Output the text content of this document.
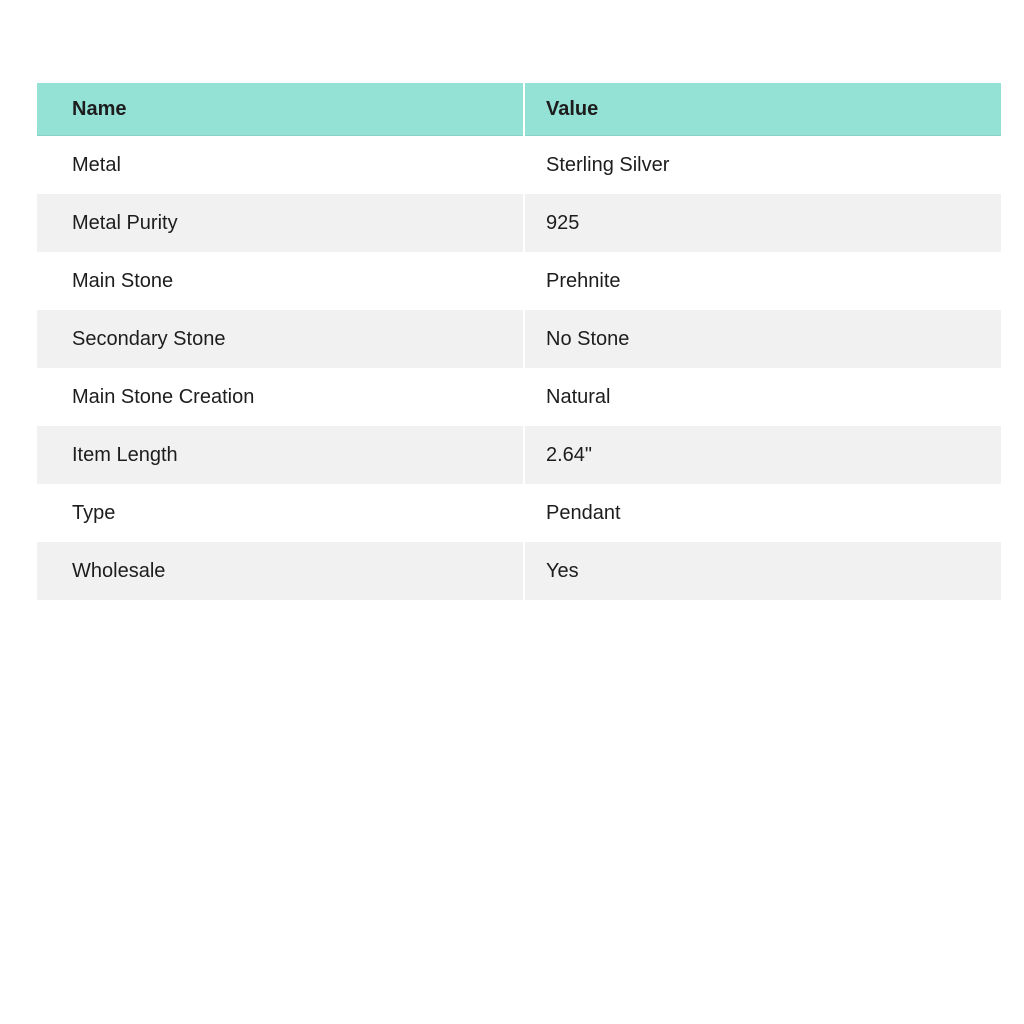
Name	Value
Metal	Sterling Silver
Metal Purity	925
Main Stone	Prehnite
Secondary Stone	No Stone
Main Stone Creation	Natural
Item Length	2.64"
Type	Pendant
Wholesale	Yes
